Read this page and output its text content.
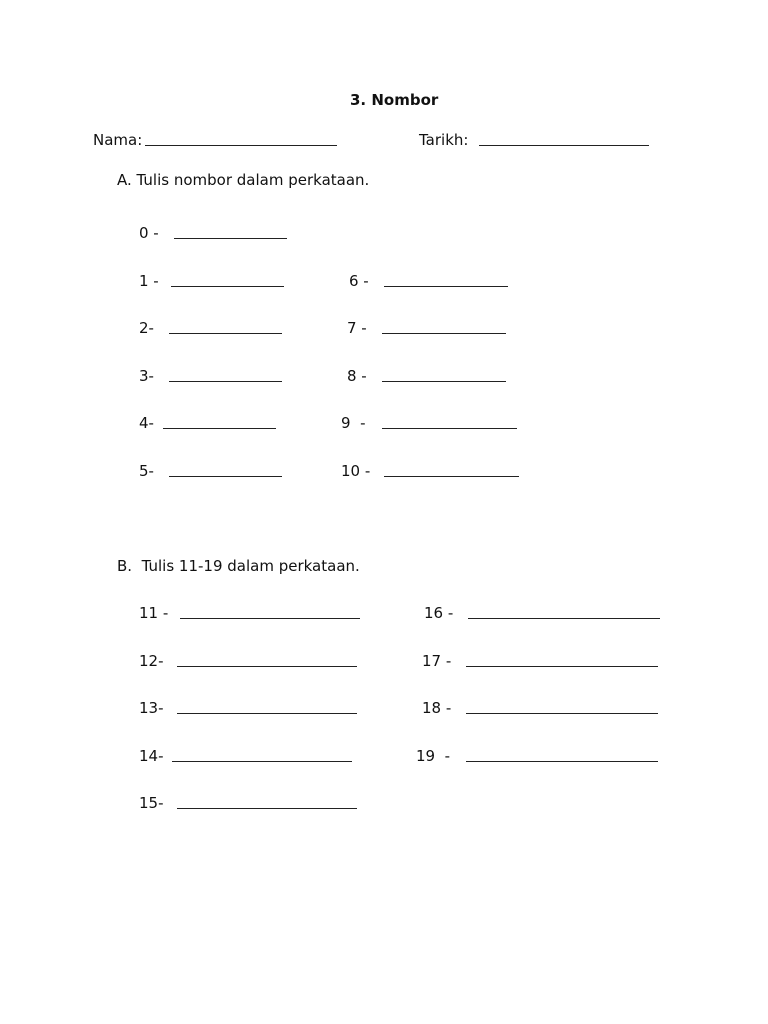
3. Nombor
Nama:	Tarikh:
A. Tulis nombor dalam perkataan.
0 -
1 -
2-
3-
4-
5-
6 -
7 -
8 -
9  -
10 -
B.  Tulis 11-19 dalam perkataan.
11 -
12-
13-
14-
15-
16 -
17 -
18 -
19  -
